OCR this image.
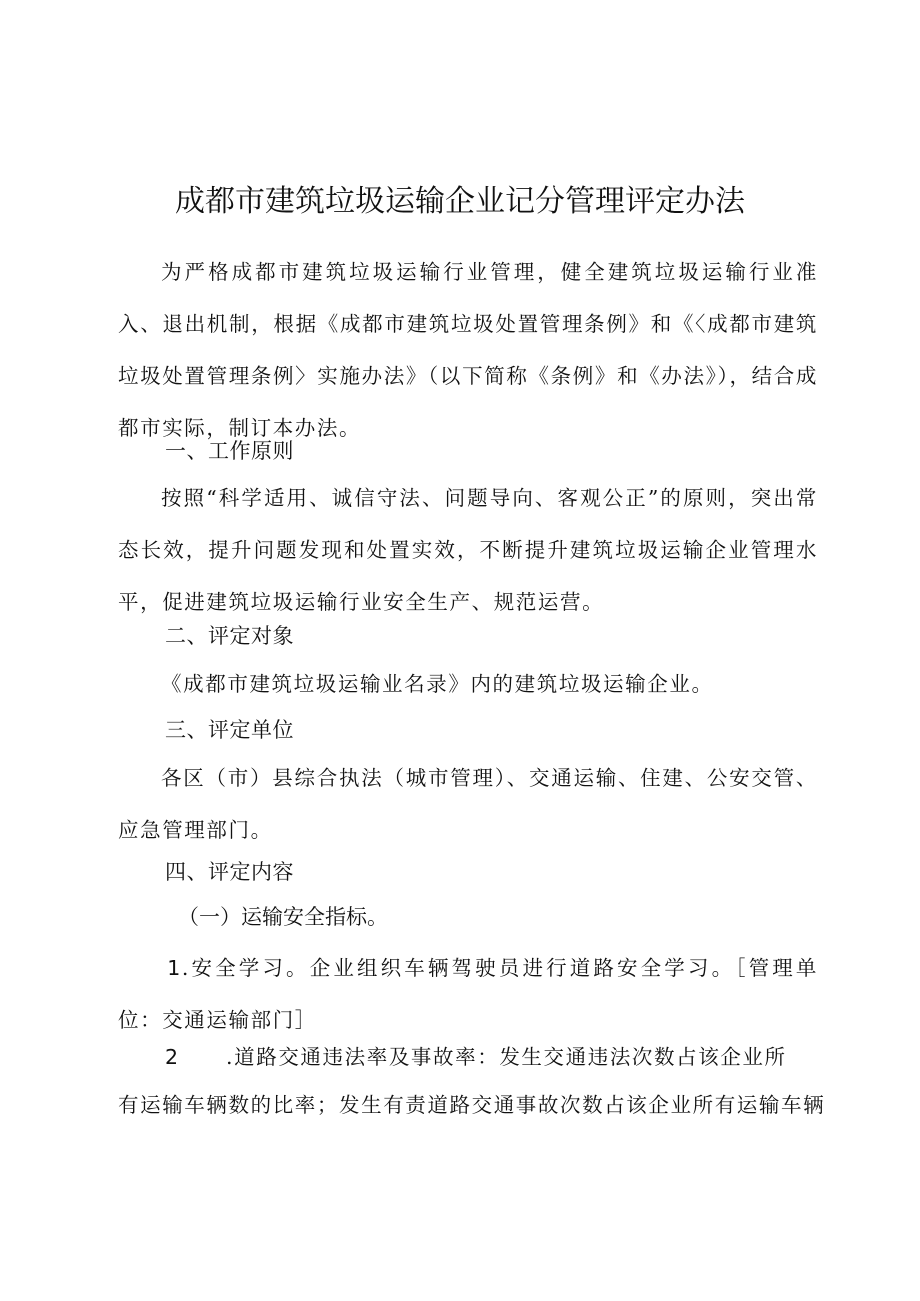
成都市建筑垃圾运输企业记分管理评定办法

为严格成都市建筑垃圾运输行业管理，健全建筑垃圾运输行业准入、退出机制，根据《成都市建筑垃圾处置管理条例》和《〈成都市建筑垃圾处置管理条例〉实施办法》（以下简称《条例》和《办法》），结合成都市实际，制订本办法。

一、工作原则

按照“科学适用、诚信守法、问题导向、客观公正”的原则，突出常态长效，提升问题发现和处置实效，不断提升建筑垃圾运输企业管理水平，促进建筑垃圾运输行业安全生产、规范运营。

二、评定对象

《成都市建筑垃圾运输业名录》内的建筑垃圾运输企业。

三、评定单位

各区（市）县综合执法（城市管理）、交通运输、住建、公安交管、应急管理部门。

四、评定内容

（一）运输安全指标。

1.安全学习。企业组织车辆驾驶员进行道路安全学习。［管理单位：交通运输部门］

2 .道路交通违法率及事故率：发生交通违法次数占该企业所

有运输车辆数的比率；发生有责道路交通事故次数占该企业所有运输车辆
